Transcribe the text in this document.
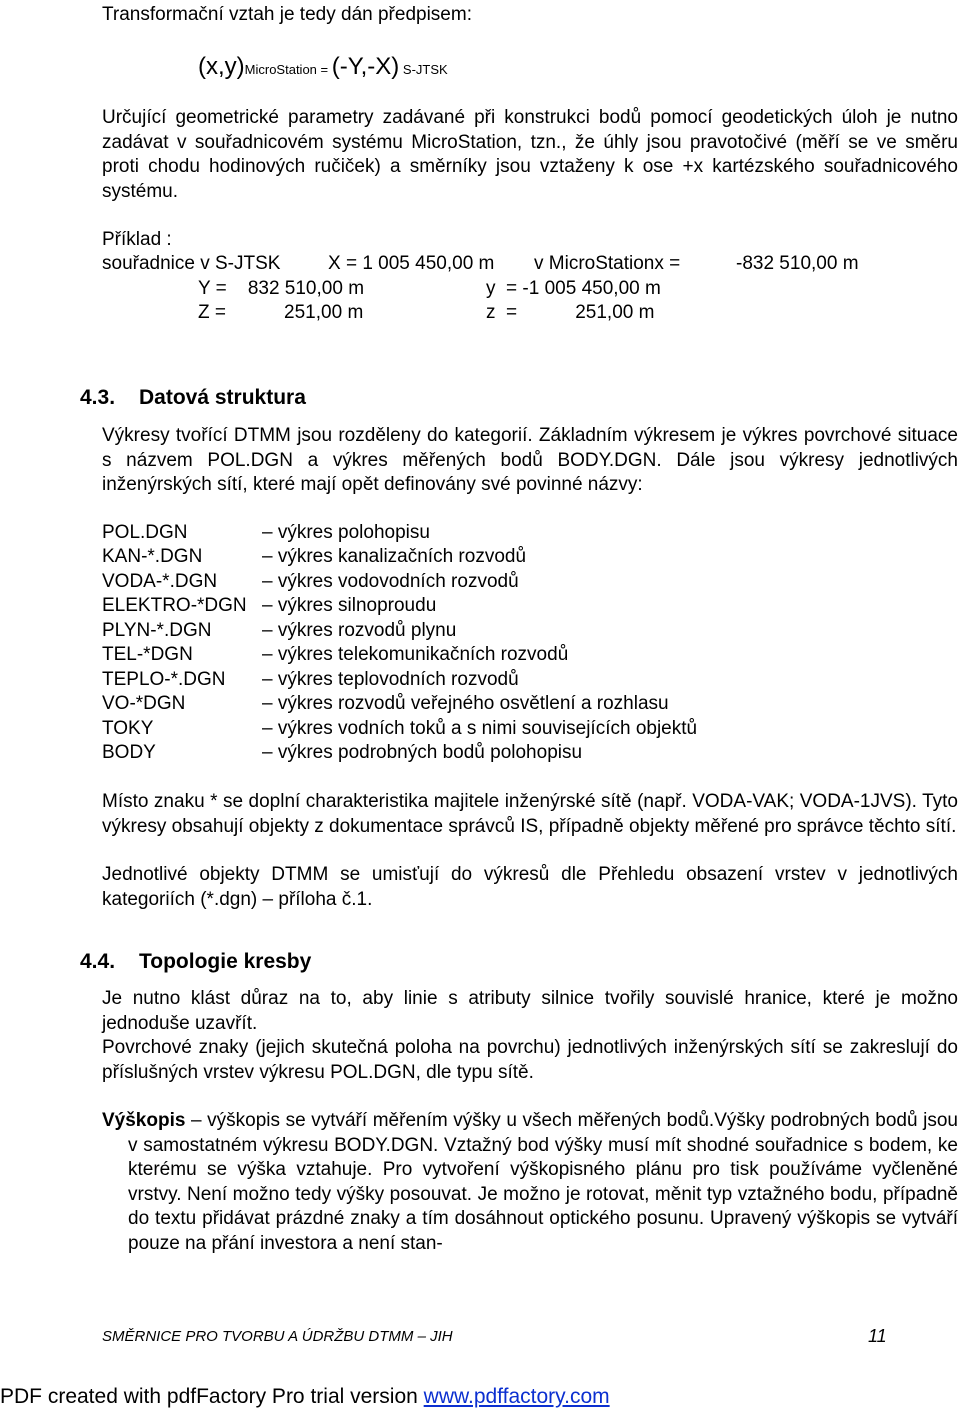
Transformační vztah je tedy dán předpisem:
(x,y)MicroStation = (-Y,-X) S-JTSK
Určující geometrické parametry zadávané při konstrukci bodů pomocí geodetických úloh je nutno zadávat v souřadnicovém systému MicroStation, tzn., že úhly jsou pravotočivé (měří se ve směru proti chodu hodinových ručiček) a směrníky jsou vztaženy k ose +x kartézského souřadnicového systému.
Příklad :
souřadnice v S-JTSK	X = 1 005 450,00 m v MicroStationx =	-832 510,00 m
Y =    832 510,00 m	y  = -1 005 450,00 m
Z =           251,00 m	z  =           251,00 m
4.3. Datová struktura
Výkresy tvořící DTMM jsou rozděleny do kategorií. Základním výkresem je výkres povrchové situace s názvem POL.DGN a výkres měřených bodů BODY.DGN. Dále jsou výkresy jednotlivých inženýrských sítí, které mají opět definovány své povinné názvy:
POL.DGN	– výkres polohopisu
KAN-*.DGN	– výkres kanalizačních rozvodů
VODA-*.DGN – výkres vodovodních rozvodů
ELEKTRO-*DGN – výkres silnoproudu
PLYN-*.DGN	– výkres rozvodů plynu
TEL-*DGN	– výkres telekomunikačních rozvodů
TEPLO-*.DGN – výkres teplovodních rozvodů
VO-*DGN	– výkres rozvodů veřejného osvětlení a rozhlasu
TOKY	– výkres vodních toků a s nimi souvisejících objektů
BODY	– výkres podrobných bodů polohopisu
Místo znaku * se doplní charakteristika majitele inženýrské sítě (např. VODA-VAK; VODA-1JVS). Tyto výkresy obsahují objekty z dokumentace správců IS, případně objekty měřené pro správce těchto sítí.
Jednotlivé objekty DTMM se umisťují do výkresů dle Přehledu obsazení vrstev v jednotlivých kategoriích (*.dgn) – příloha č.1.
4.4. Topologie kresby
Je nutno klást důraz na to, aby linie s atributy silnice tvořily souvislé hranice, které je možno jednoduše uzavřít.
Povrchové znaky (jejich skutečná poloha na povrchu) jednotlivých inženýrských sítí se zakreslují do příslušných vrstev výkresu POL.DGN, dle typu sítě.
Výškopis – výškopis se vytváří měřením výšky u všech měřených bodů.Výšky podrobných bodů jsou v samostatném výkresu BODY.DGN. Vztažný bod výšky musí mít shodné souřadnice s bodem, ke kterému se výška vztahuje. Pro vytvoření výškopisného plánu pro tisk používáme vyčleněné vrstvy. Není možno tedy výšky posouvat. Je možno je rotovat, měnit typ vztažného bodu, případně do textu přidávat prázdné znaky a tím dosáhnout optického posunu. Upravený výškopis se vytváří pouze na přání investora a není stan-
SMĚRNICE PRO TVORBU A ÚDRŽBU DTMM – JIH	11
PDF created with pdfFactory Pro trial version www.pdffactory.com
